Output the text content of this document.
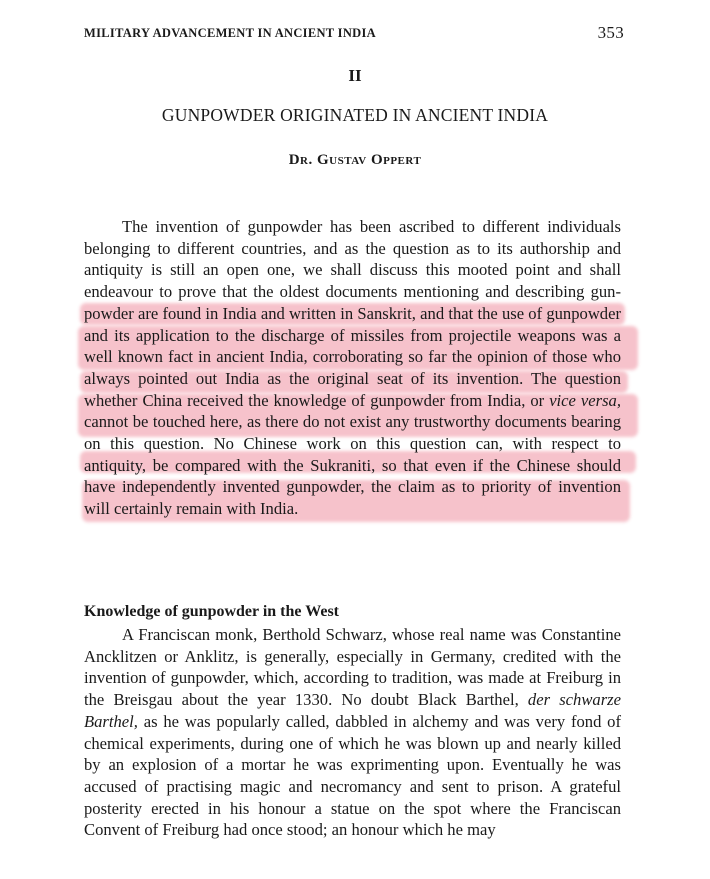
MILITARY ADVANCEMENT IN ANCIENT INDIA	353
II
GUNPOWDER ORIGINATED IN ANCIENT INDIA
Dr. Gustav Oppert

The invention of gunpowder has been ascribed to different individuals belonging to different countries, and as the question as to its authorship and antiquity is still an open one, we shall discuss this mooted point and shall endeavour to prove that the oldest documents mentioning and describing gun-powder are found in India and written in Sanskrit, and that the use of gunpowder and its application to the discharge of missiles from projectile weapons was a well known fact in ancient India, corroborating so far the opinion of those who always pointed out India as the original seat of its invention. The question whether China received the knowledge of gunpowder from India, or vice versa, cannot be touched here, as there do not exist any trustworthy documents bearing on this question. No Chinese work on this question can, with respect to antiquity, be compared with the Sukraniti, so that even if the Chinese should have independently invented gunpowder, the claim as to priority of invention will certainly remain with India.

Knowledge of gunpowder in the West

A Franciscan monk, Berthold Schwarz, whose real name was Constantine Ancklitzen or Anklitz, is generally, especially in Germany, credited with the invention of gunpowder, which, according to tradition, was made at Freiburg in the Breisgau about the year 1330. No doubt Black Barthel, der schwarze Barthel, as he was popularly called, dabbled in alchemy and was very fond of chemical experiments, during one of which he was blown up and nearly killed by an explosion of a mortar he was exprimenting upon. Eventually he was accused of practising magic and necromancy and sent to prison. A grateful posterity erected in his honour a statue on the spot where the Franciscan Convent of Freiburg had once stood; an honour which he may
